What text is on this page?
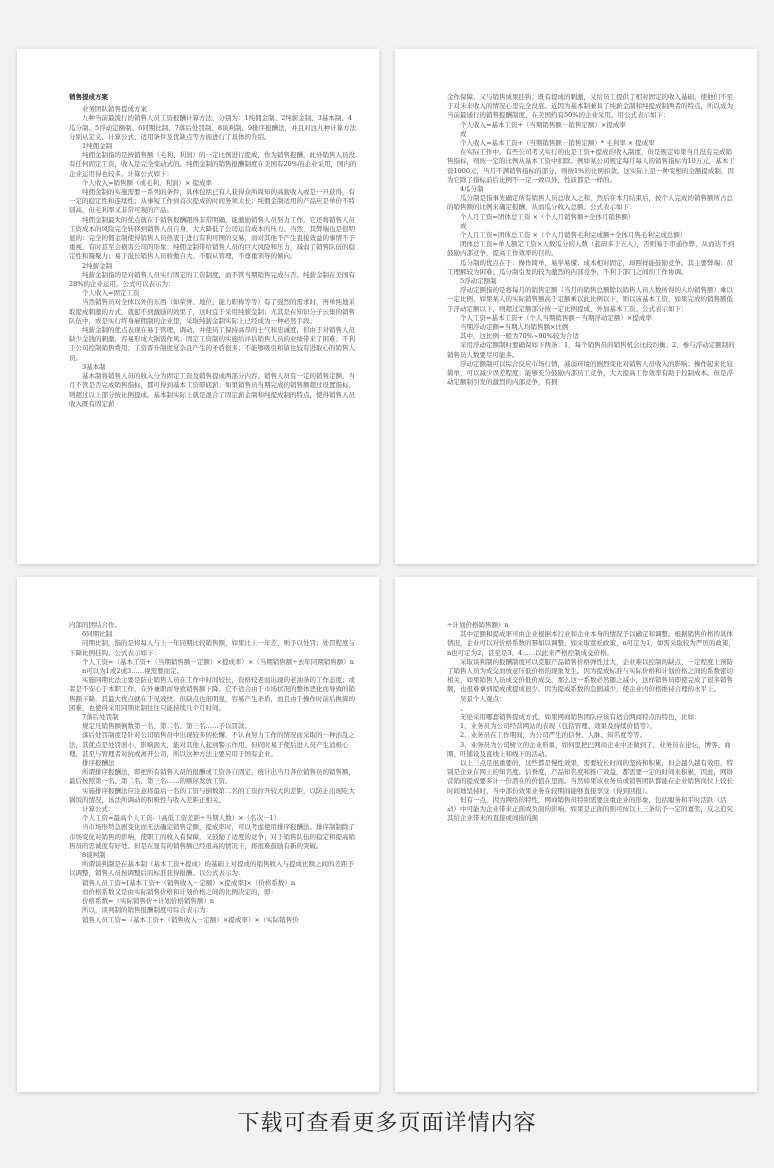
销售提成方案

业务团队销售提成方案

九种当前最流行的销售人员工资报酬计算方法，分别为：1纯佣金制、2纯薪金制、3基本制、4瓜分制、5浮动定额制、6同期比制、7落后处罚制、8谈判制、9排序报酬法，并且对这九种计算方法分别从定义、计算公式、适用条件及优缺点等方面进行了具体的介绍。

1纯佣金制

纯佣金制指的是按销售额（毛利、利润）的一定比例进行提成，作为销售报酬，此外销售人员没有任何固定工资，收入是完全变动式的。纯佣金制的销售报酬制度在美国有20%的企业采用，国内的企业运用得也较多。计算公式如下：

个人收入=销售额（或毛利、利润）× 提成率

纯佣金制的实施需要一系列的条件，具体包括已有人获得众所周知的高薪收入或是一旦获得，有一定的稳定性和连续性；从事短工作到首次提成的时间务须太长；纯佣金制适用的产品应是单价不特别高，但毛利率又非常可观的产品。

纯佣金制最大的优点就在于销售报酬跟得非常明确，能激励销售人员努力工作，它还将销售人员工资成本的风险完全转移到销售人员自身，大大降低了公司运营成本的压力。当然，其弊端也是很明显的：完全的佣金制使得销售人员热衷于进行有利可图的交易，而对其他不产生直接效益的事情不予重视，有时甚至会损害公司的形象；纯佣金制带给销售人员的巨大风险和压力，减弱了销售队伍的稳定性和凝聚力；易于滋长销售人员骄傲自大、不服从管理，不尊重领导的倾向。

2纯薪金制

纯薪金制指的是对销售人员实行固定的工资制度，而不管当期销售完成与否。纯薪金制在美国有28%的企业运用。公式可以表示为：

个人收入=固定工资

当然销售员对全体以外的东西（如荣誉、地位、能力职称等等）有了强烈的需求时，再单纯地采取提成刺激的方式，就起不到激励的效果了，这时宜于采用纯薪金制；尤其是在知识分子云集的销售队伍中，或是实行终身雇佣制的企业里，采取纯薪金制实际上已经成为一种必然手段。

纯薪金制的优点表现在易于管理、调动，并使员工保持高昂的士气和忠诚度，但由于对销售人员缺少金钱的刺激，容易形成大锅饭作风；固定工资制的实施给评估销售人员的业绩带来了困难；不利于公司控制销售费用；工资晋升制度复杂且产生的矛盾很多；不能够吸引和留住较有进取心的销售人员。

3基本制

基本制将销售人员的收入分为固定工资及销售提成两部分内容。销售人员有一定的销售定额，当月不管是否完成销售指标，都可得到基本工资即底薪；如果销售员当期完成的销售额超过设置指标，则超过以上部分按比例提成。基本制实际上就是混合了固定薪金制和纯提成制的特点，使得销售人员收入既有固定薪

金作保障，又与销售成果挂钩；既有提成的刺激，又给员工提供了相对固定的收入基础，使他们不至于对未来收入的情况心里完全没底。近因为基本制兼具了纯薪金制和纯提成制两者的特点，所以成为当前最通行的销售报酬制度，在美国约有50%的企业采用。用公式表示如下：

个人收入=基本工资+（当期销售额－销售定额）×提成率

或

个人收入=基本工资+（当期销售额－销售定额）* 毛利率 × 提成率

在实际工作中，有些公司考又实行的也是工资+提成的收入制度，但是规定如果当月没有完成销售指标，则按一定的比例从基本工资中扣除。例如某公司规定每月每人的销售指标为10万元，基本工资1000元，当月不满销售指标的部分，则按1%的比例扣款。这实际上是一种变相的全额提成制，因为它除了指标前后比例不一定一致以外，性质都是一样的。

4瓜分制

瓜分制是指事先确定所有销售人员总收入之和，然后在本月结束后，按个人完成的销售额所占总的销售额的比例来确定报酬，从而瓜分收入总额。公式表示如下：

个人月工资=团体总工资 ×（个人月销售额÷全体月销售额）

或

个人月工资=团体总工资 ×（个人月销售毛利完成额÷全体月售毛利完成总额）

团体总工资=单人额定工资×人数瓜分的人数（起码多于五人），否则易于串通作弊，从而达不到鼓励内部竞争，提高工作效率的目的。

瓜分制的优点在于：操作简单，易学易懂；成本相对固定，却照样能鼓励竞争。其主要弊端：员工理解较为困难；瓜分制引发的较为激烈的内部竞争，不利于部门之间的工作协调。

5浮动定额制

浮动定额指的是将每月的销售定额（当月的销售总额除以销售人员人数所得的人均销售额）乘以一定比例，如果某人的实际销售额高于定额乘以此比例以下，则以该基本工资，如果完成的销售额低于浮动定额以下，则超过定额部分按一定比例提成，外加基本工资。公式表示如下：

个人工资=基本工资+（个人当期销售额－当期浮动定额）×提成率

当期浮动定额=当期人均销售额×比例

其中，这比例一般为70%~90%较为合适

采用浮动定额制时要确保如下两条：1，每个销售员的销售机会比较均衡；2，参与浮动定额制的销售员人数要尽可能多。

浮动定额制可以综合反应市场行情，减弱环境的剧烈变化对销售人员收入的影响；操作起来比较简单，可以减少误差程度；能够充分鼓励内部员工竞争，大大提高工作效率有助于控制成本。但是浮动定额制引发的激烈的内部竞争，有损

内部的团结合作。

6同期比制

同期比制，指的是将每人与上一年同期比较销售额，如果比上一年差，则予以处罚；处罚程度与下降比例挂钩。公式表示如下：

个人工资=（基本工资+（当期销售额－定额）×提成率）×（当期销售额÷去年同期销售额）n

n可以为1或2或3……视需要而定。

实施同期比法主要是防止销售人员在工作中时间较长，资格较老而出现的老油条的工作态度；或者是不安心于本职工作，在外兼职而导致销售额下降。它不适合由于市场状况的整体恶化而导致的销售额下降，其最大优点就在于见效快，但缺点也很明显，容易产生矛盾，而且由于操作时前后换算的困难，也使得采用同期比制往往只能持续几个月时间。

7落后处罚制

规定凡销售额倒数第一名、第二名、第三名……予以罚款。

落后处罚制度是针对公司销售员中出现较多的松懈，不认真努力工作的情况而采取的一种治乱之法，其优点是处罚面小，影响面大，能对其他人起到警示作用。但同时易于使后进人员产生消极心理，甚至与管理者对抗或离开公司，所以这种方法主要应用于国有企业。

排序报酬法

所谓排序报酬法，即把所有销售人员的报酬或工资各自固定，统计出当月各位销售员的销售额，最后按照第一名、第二名、第三名……的顺序发放工资。

实施排序报酬法应注意将最后一名的工资与倒数第二名的工资拉开较大的差距，以防止出现吃大锅饭的情况，该法所调动的积极性与收入差距正相关。

计算公式：

个人工资=最高个人工资-（高低工资差距÷当期人数）×（名次－1）

当市场形势急剧变化而无法确定销售定额，提成率时，可以考虑使用排序报酬法。排序制制除了市场变化对销售的影响，使职工的收入有保障，又鼓励了适度的竞争；对于销售队伍的稳定和提高销售员的忠诚度有好处。但是在显有的销售额已经很高的情况下，将很难鼓励有新的突破。

8谈判制

所谓谈判制是在基本制（基本工资+提成）的基础上对提成的销售收入与提成比额之间的差距予以调整，销售人员按调整后的标准获得报酬。以公式表示为：

销售人员工资=[基本工资+（销售收入－定额）×提成率]×（价格系数）n

而价格系数又是由实际销售价格和计划价格之间的比例决定的，即：

价格系数=（实际销售价÷计划价格销售额）n

所以，谈判制的销售报酬制度可综合表示为：

销售人员工资=（基本工资+（销售收入－定额）×提成率）×（实际销售价

÷计划价格销售额）n

其中定额和提成率可由企业根据本行业和企业本身的情况予以确定和调整。根据销售价格的具体情况，企业可以对价格系数的幂如以调整，如采取宽松政策，n可定为1，如需采取较为严厉的政策，n也可定为2，甚至是3、4……以此来严格控制成交价格。

采取谈判制的报酬制度可以克服产品销售价格弹性过大，企业难以控制的缺点，一定程度上预防了销售人员为成交而放意压低价格的现象发生。因为提成标准与实际价格和计划价格之间的系数密切相关，如果销售人员成交价低价成交，那么这一系数必然随之减小，这样销售员即使完成了很多销售额，也很难拿到提成或提成很少。因为提成系数的急剧减少，使企业内价格维持合理的水平上。

吴景个人观点：

、

无论采用哪套销售提成方式，如果网商销售团队应该有适合网商特点的特色，比如：

1、业务员为公司经营网站的表现（包括管理、效果及持续价值等）。

2、业务员在工作期间，为公司严生的信誉、人脉、知名度等等。

3、业务员为公司树立的企业形象，如何里把巴网商企业中还做到了，业务员在论坛、博客、商圈、旺铺设及直线上和线下的活动。

以上三点是很重要的，这些都是慢性效果，需要较长时间的坚持和积累，但会越久越有效用，特别是企业在网上的知名度、信誉度，产品知名度和推广效益，都需要一定的时间来积累，因此，网络营销的提成要多计一份潜在的价值在里面。当然如果该业务员或销售团队都能在企业销售岗位上较长时间地坚持时，当中部份效果业务在较期间能够直接享受（得到回报）。

但有一点，因为网络的特性，网商销售员特别需要注重企业的形象，包括服务和平时活跃（活动）中可能为企业带来正面或负面的影响，如果是正面的则可按以上三条给予一定的嘉奖，反之追究其给企业带来的直接或间接的损

下载可查看更多页面详情内容
